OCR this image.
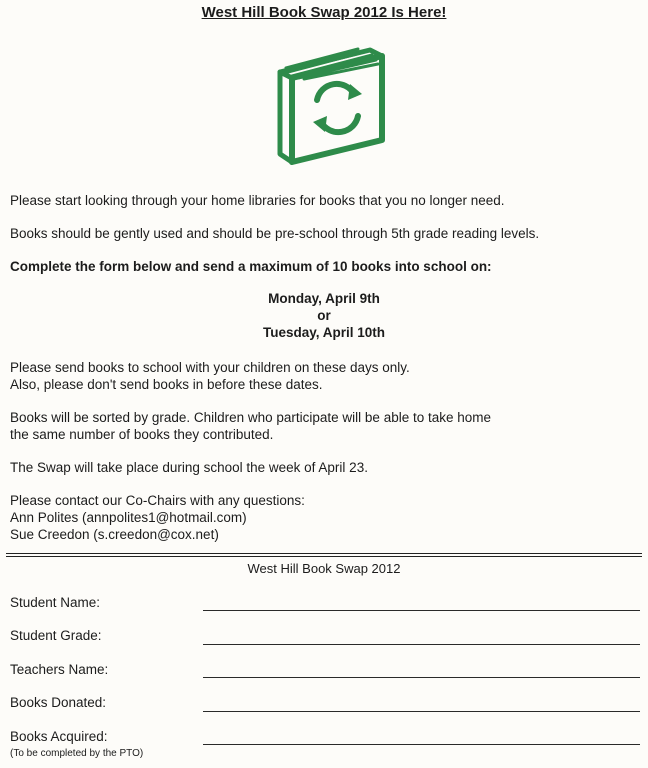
West Hill Book Swap 2012 Is Here!
Please start looking through your home libraries for books that you no longer need.
Books should be gently used and should be pre-school through 5th grade reading levels.
Complete the form below and send a maximum of 10 books into school on:
Monday, April 9th
or
Tuesday, April 10th
Please send books to school with your children on these days only.
Also, please don't send books in before these dates.
Books will be sorted by grade. Children who participate will be able to take home
the same number of books they contributed.
The Swap will take place during school the week of April 23.
Please contact our Co-Chairs with any questions:
Ann Polites (annpolites1@hotmail.com)
Sue Creedon (s.creedon@cox.net)
West Hill Book Swap 2012
Student Name:
Student Grade:
Teachers Name:
Books Donated:
Books Acquired:
(To be completed by the PTO)
